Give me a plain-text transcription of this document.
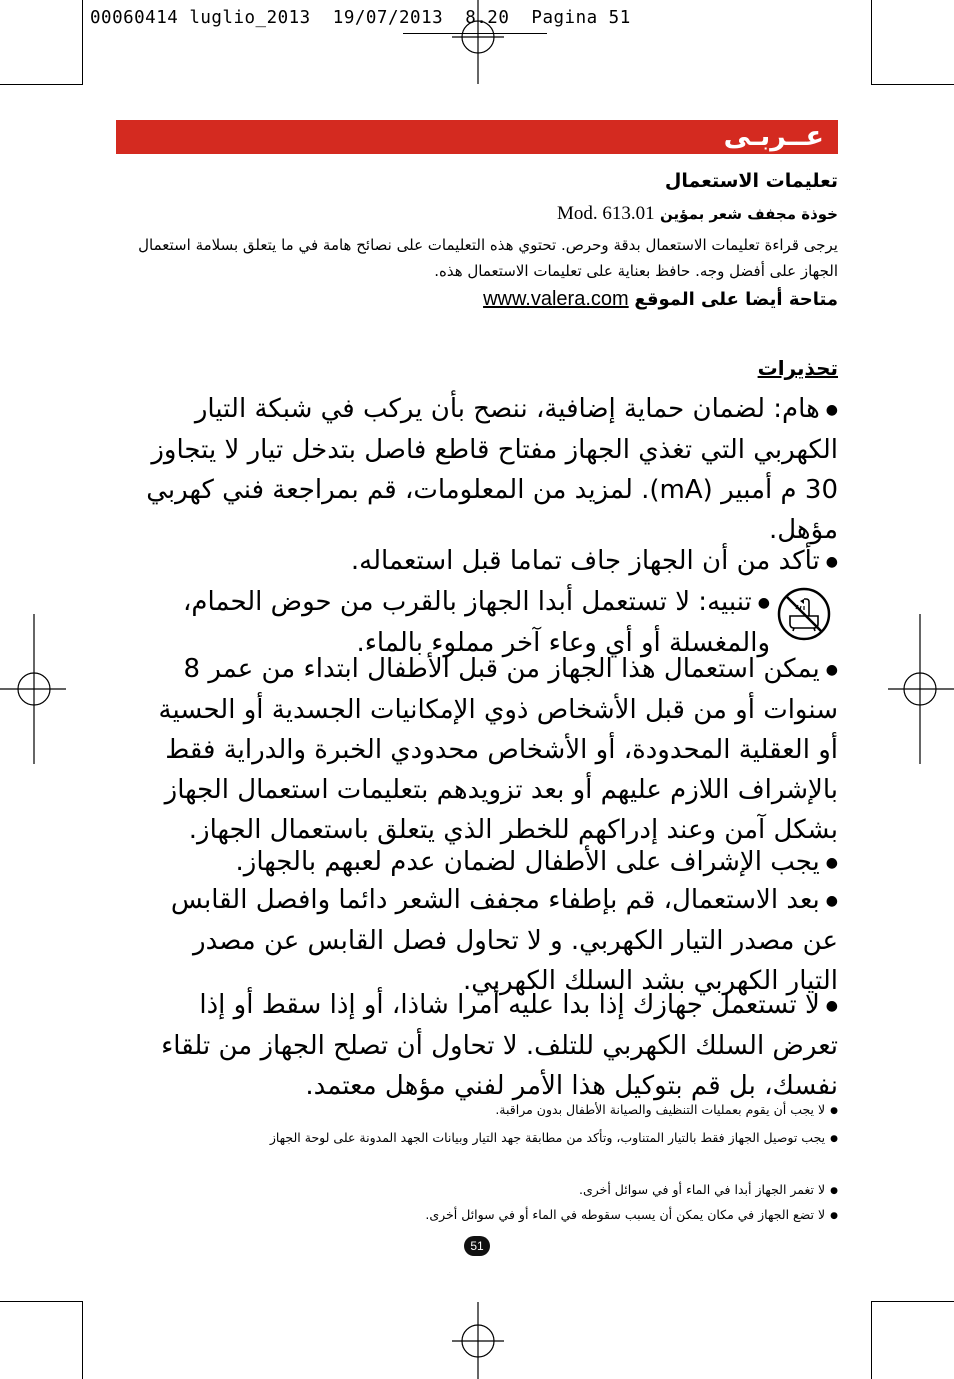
00060414 luglio_2013  19/07/2013  8.20  Pagina 51
عــربـى
تعليمات الاستعمال
خوذة مجفف شعر بمؤين Mod. 613.01
يرجى قراءة تعليمات الاستعمال بدقة وحرص. تحتوي هذه التعليمات على نصائح هامة في ما يتعلق بسلامة استعمال الجهاز على أفضل وجه. حافظ بعناية على تعليمات الاستعمال هذه.
متاحة أيضا على الموقع www.valera.com
تحذيرات
●هام: لضمان حماية إضافية، ننصح بأن يركب في شبكة التيار الكهربي التي تغذي الجهاز مفتاح قاطع فاصل بتدخل تيار لا يتجاوز 30 م أمبير (mA). لمزيد من المعلومات، قم بمراجعة فني كهربي مؤهل.
●تأكد من أن الجهاز جاف تماما قبل استعماله.
●تنبيه: لا تستعمل أبدا الجهاز بالقرب من حوض الحمام، والمغسلة أو أي وعاء آخر مملوء بالماء.
●يمكن استعمال هذا الجهاز من قبل الأطفال ابتداء من عمر 8 سنوات أو من قبل الأشخاص ذوي الإمكانيات الجسدية أو الحسية أو العقلية المحدودة، أو الأشخاص محدودي الخبرة والدراية فقط بالإشراف اللازم عليهم أو بعد تزويدهم بتعليمات استعمال الجهاز بشكل آمن وعند إدراكهم للخطر الذي يتعلق باستعمال الجهاز.
●يجب الإشراف على الأطفال لضمان عدم لعبهم بالجهاز.
●بعد الاستعمال، قم بإطفاء مجفف الشعر دائما وافصل القابس عن مصدر التيار الكهربي. و لا تحاول فصل القابس عن مصدر التيار الكهربي بشد السلك الكهربي.
●لا تستعمل جهازك إذا بدا عليه أمرا شاذا، أو إذا سقط أو إذا تعرض السلك الكهربي للتلف. لا تحاول أن تصلح الجهاز من تلقاء نفسك، بل قم بتوكيل هذا الأمر لفني مؤهل معتمد.
●لا يجب أن يقوم بعمليات التنظيف والصيانة الأطفال بدون مراقبة.
●يجب توصيل الجهاز فقط بالتيار المتناوب، وتأكد من مطابقة جهد التيار وبيانات الجهد المدونة على لوحة الجهاز
●لا تغمر الجهاز أبدا في الماء أو في سوائل أخرى.
●لا تضع الجهاز في مكان يمكن أن يسبب سقوطه في الماء أو في سوائل أخرى.
51
